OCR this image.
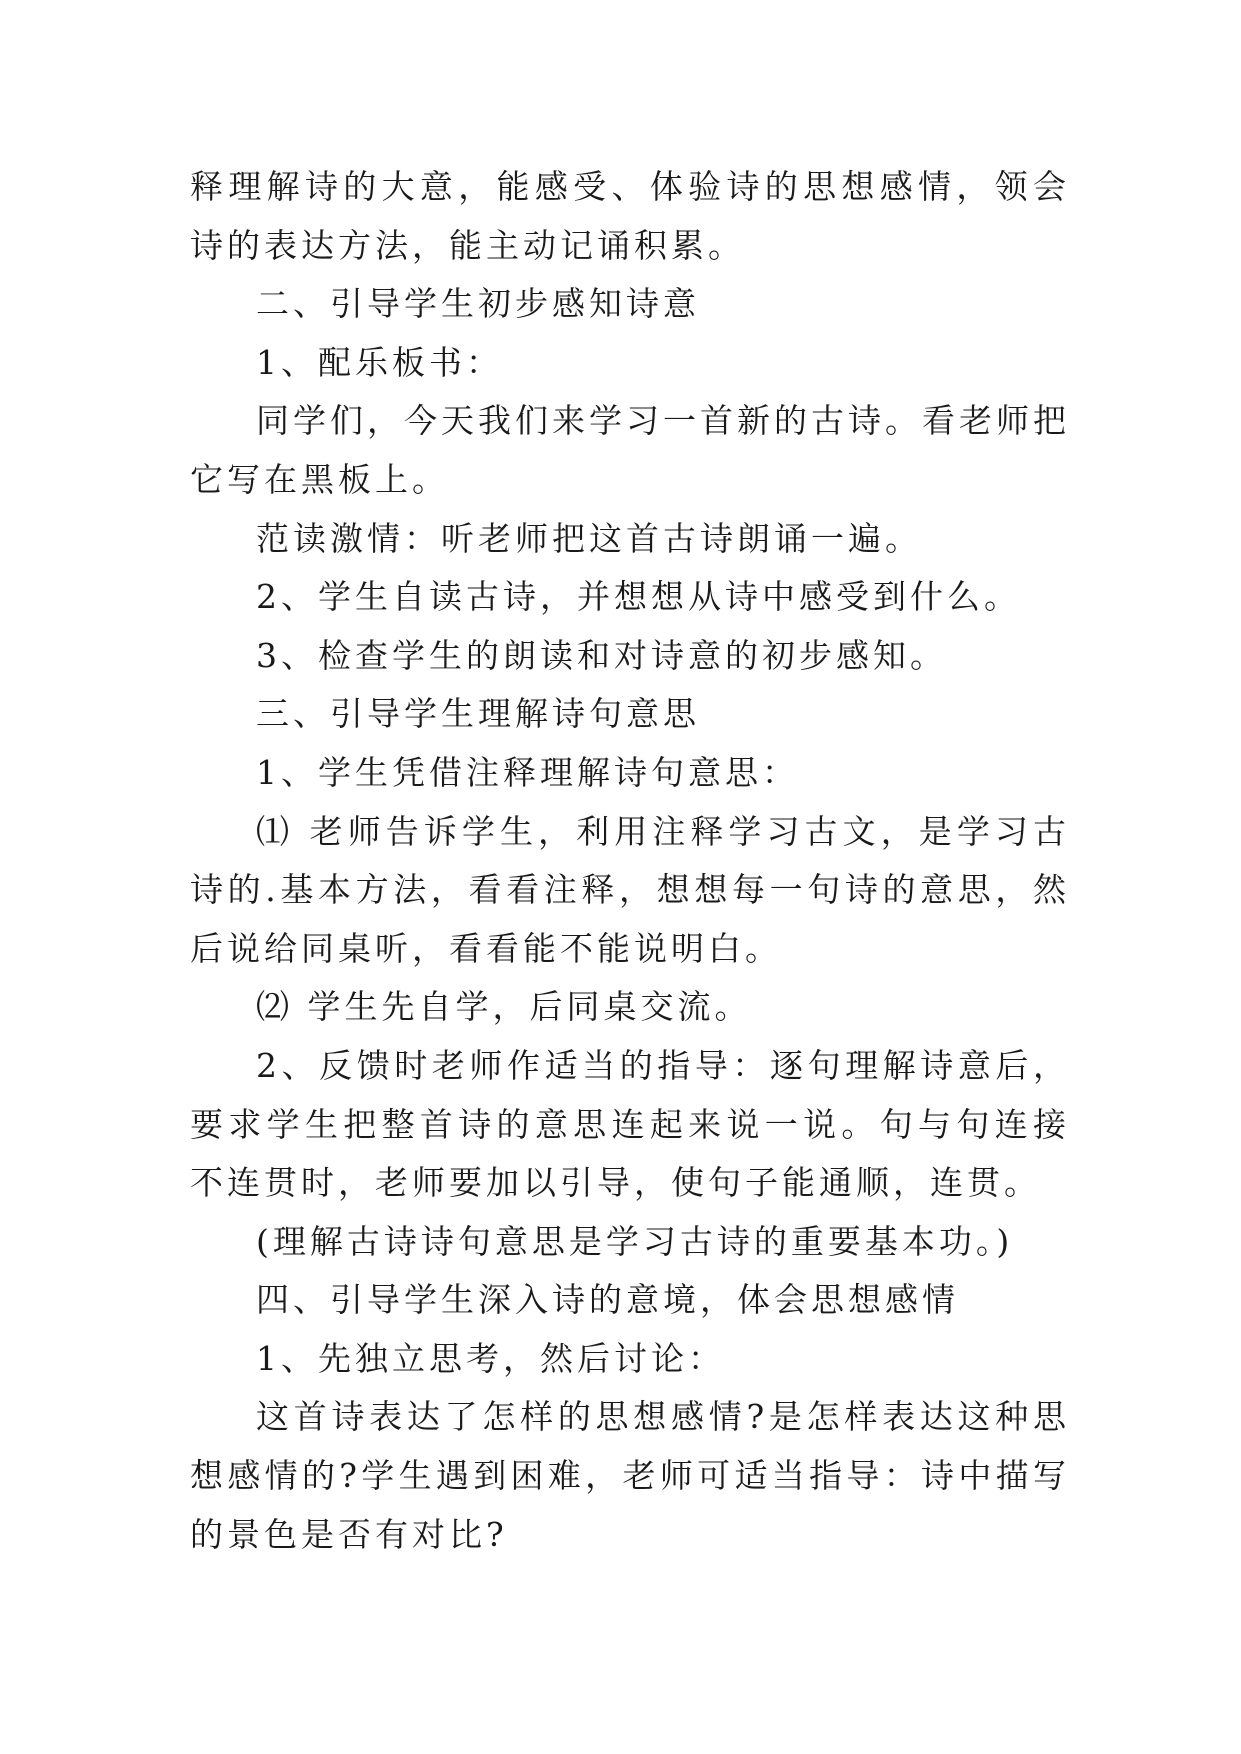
释理解诗的大意，能感受、体验诗的思想感情，领会诗的表达方法，能主动记诵积累。

二、引导学生初步感知诗意

1、配乐板书：

同学们，今天我们来学习一首新的古诗。看老师把它写在黑板上。

范读激情：听老师把这首古诗朗诵一遍。

2、学生自读古诗，并想想从诗中感受到什么。

3、检查学生的朗读和对诗意的初步感知。

三、引导学生理解诗句意思

1、学生凭借注释理解诗句意思：

⑴ 老师告诉学生，利用注释学习古文，是学习古诗的.基本方法，看看注释，想想每一句诗的意思，然后说给同桌听，看看能不能说明白。

⑵ 学生先自学，后同桌交流。

2、反馈时老师作适当的指导：逐句理解诗意后，要求学生把整首诗的意思连起来说一说。句与句连接不连贯时，老师要加以引导，使句子能通顺，连贯。

(理解古诗诗句意思是学习古诗的重要基本功。)

四、引导学生深入诗的意境，体会思想感情

1、先独立思考，然后讨论：

这首诗表达了怎样的思想感情?是怎样表达这种思想感情的?学生遇到困难，老师可适当指导：诗中描写的景色是否有对比?
